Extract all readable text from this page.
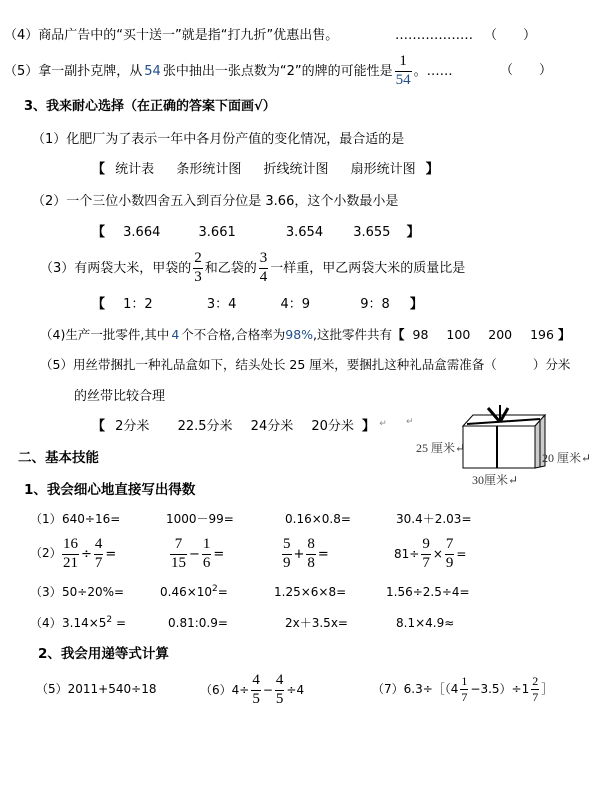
（4）商品广告中的“买十送一”就是指“打九折”优惠出售。	……………… （　　）
（5）拿一副扑克牌，从 54 张中抽出一张点数为“2”的牌的可能性是 $\frac{1}{54}$ 。……	（　　）
3、我来耐心选择（在正确的答案下面画√）
（1）化肥厂为了表示一年中各月份产值的变化情况，最合适的是
【 统计表 条形统计图 折线统计图 扇形统计图 】
（2）一个三位小数四舍五入到百分位是 3.66，这个小数最小是
【 3.664	3.661	3.654 3.655 】
（3）有两袋大米，甲袋的 $\frac{2}{3}$ 和乙袋的 $\frac{3}{4}$ 一样重，甲乙两袋大米的质量比是
【 1：2	3：4	4：9	9：8 】
（4)生产一批零件,其中 4 个不合格,合格率为98%,这批零件共有【 98 100 200 196 】
（5）用丝带捆扎一种礼品盒如下，结头处长 25 厘米，要捆扎这种礼品盒需准备（	）分米
的丝带比较合理
【 2分米 22.5分米 24分米 20分米 】 ↵
25 厘米↵
20 厘米↵
30厘米↵
↵
二、基本技能
1、我会细心地直接写出得数
（1） 640÷16=	1000－99=	0.16×0.8=	30.4＋2.03=
$(2) \frac{16}{21} \div \frac{4}{7}$ =	$\frac{7}{15} - \frac{1}{6}$ =	$\frac{5}{9} + \frac{8}{8}$ =	$81\div \frac{9}{7} \times \frac{7}{9}$ =
（3） 50÷20%=	$0.46\times 10^2=$	1.25×6×8=	1.56÷2.5÷4=
（4） $3.14\times 5^2$ =	0.81:0.9=	2x＋3.5x=	8.1×4.9≈
2、我会用递等式计算
（5）2011+540÷18	$(6)4\div \frac{4}{5} - \frac{4}{5} \div 4$	（7）6.3÷［（4 $\frac{1}{7} -3.5)\div 1 \frac{2}{7}$ ］
